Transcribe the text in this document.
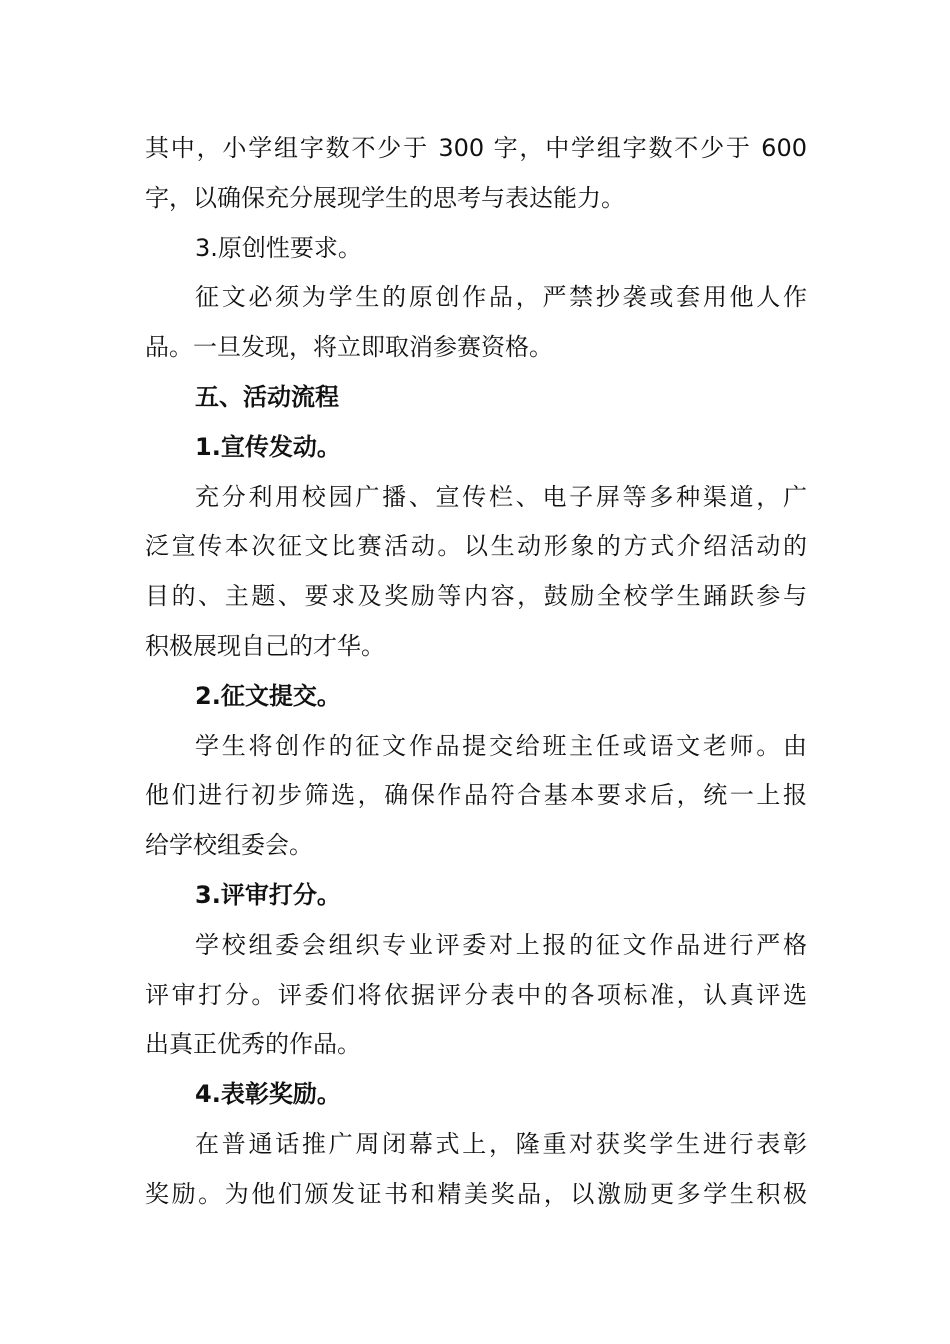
其中，小学组字数不少于 300 字，中学组字数不少于 600
字，以确保充分展现学生的思考与表达能力。
3.原创性要求。
征文必须为学生的原创作品，严禁抄袭或套用他人作
品。一旦发现，将立即取消参赛资格。
五、活动流程
1.宣传发动。
充分利用校园广播、宣传栏、电子屏等多种渠道，广
泛宣传本次征文比赛活动。以生动形象的方式介绍活动的
目的、主题、要求及奖励等内容，鼓励全校学生踊跃参与
积极展现自己的才华。
2.征文提交。
学生将创作的征文作品提交给班主任或语文老师。由
他们进行初步筛选，确保作品符合基本要求后，统一上报
给学校组委会。
3.评审打分。
学校组委会组织专业评委对上报的征文作品进行严格
评审打分。评委们将依据评分表中的各项标准，认真评选
出真正优秀的作品。
4.表彰奖励。
在普通话推广周闭幕式上，隆重对获奖学生进行表彰
奖励。为他们颁发证书和精美奖品，以激励更多学生积极
